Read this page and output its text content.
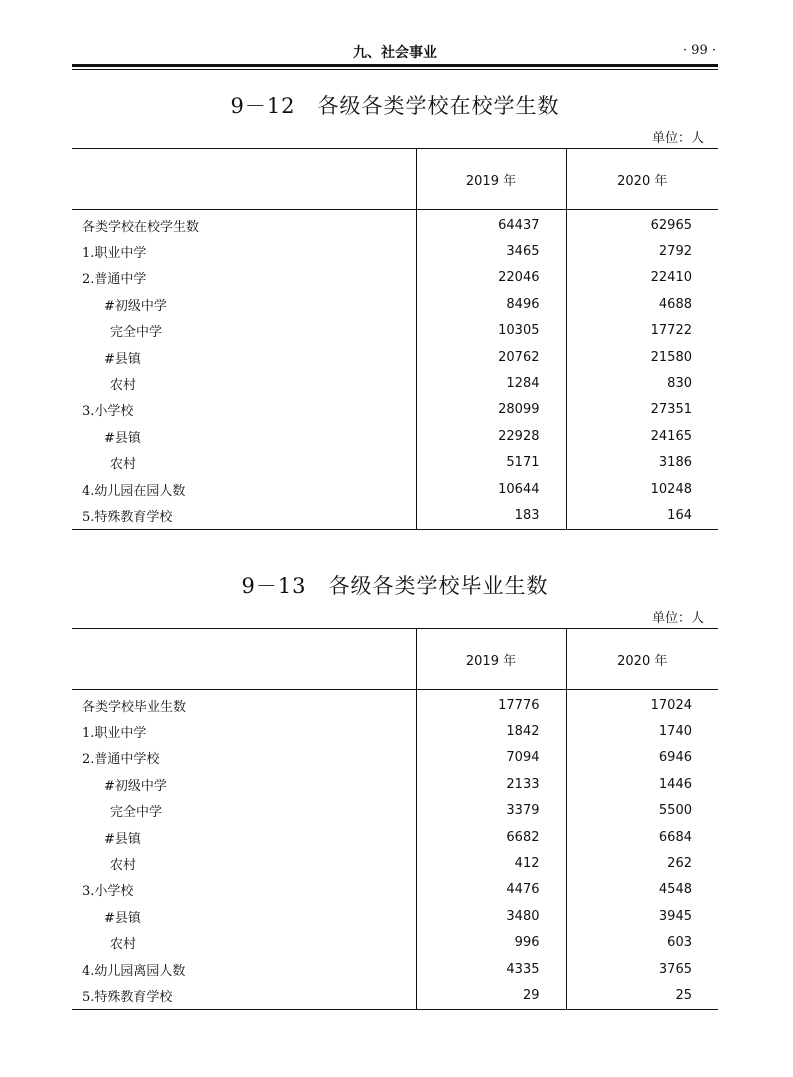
九、社会事业	· 99 ·
9－12 各级各类学校在校学生数
单位：人
	2019 年	2020 年
各类学校在校学生数	64437	62965
1.职业中学	3465	2792
2.普通中学	22046	22410
#初级中学	8496	4688
完全中学	10305	17722
#县镇	20762	21580
农村	1284	830
3.小学校	28099	27351
#县镇	22928	24165
农村	5171	3186
4.幼儿园在园人数	10644	10248
5.特殊教育学校	183	164
9－13 各级各类学校毕业生数
单位：人
	2019 年	2020 年
各类学校毕业生数	17776	17024
1.职业中学	1842	1740
2.普通中学校	7094	6946
#初级中学	2133	1446
完全中学	3379	5500
#县镇	6682	6684
农村	412	262
3.小学校	4476	4548
#县镇	3480	3945
农村	996	603
4.幼儿园离园人数	4335	3765
5.特殊教育学校	29	25
